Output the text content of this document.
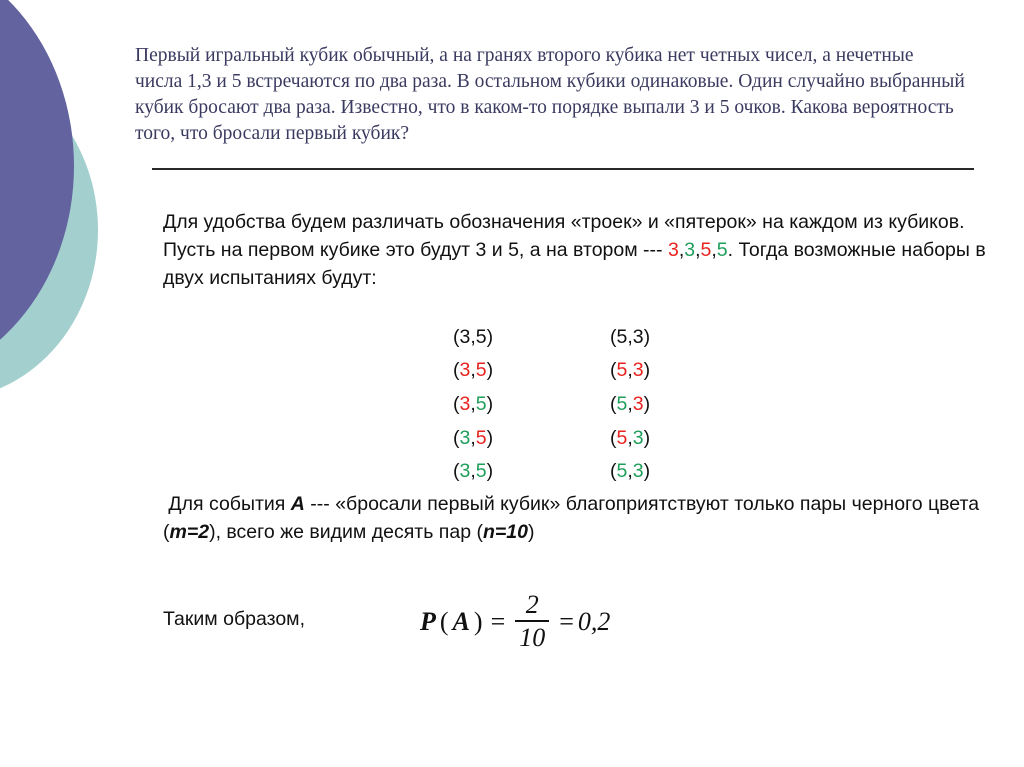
Первый игральный кубик обычный, а на гранях второго кубика нет четных чисел, а нечетные числа 1,3 и 5 встречаются по два раза. В остальном кубики одинаковые. Один случайно выбранный кубик бросают два раза. Известно, что в каком-то порядке выпали 3 и 5 очков. Какова вероятность того, что бросали первый кубик?
Для удобства будем различать обозначения «троек» и «пятерок» на каждом из кубиков. Пусть на первом кубике это будут 3 и 5, а на втором --- 3,3,5,5. Тогда возможные наборы в двух испытаниях будут:
(3,5)	(5,3)
(3,5)	(5,3)
(3,5)	(5,3)
(3,5)	(5,3)
(3,5)	(5,3)
Для события A --- «бросали первый кубик» благоприятствуют только пары черного цвета (m=2), всего же видим десять пар (n=10)
Таким образом,	P ( A ) = $\frac{2}{10} = 0,2$
